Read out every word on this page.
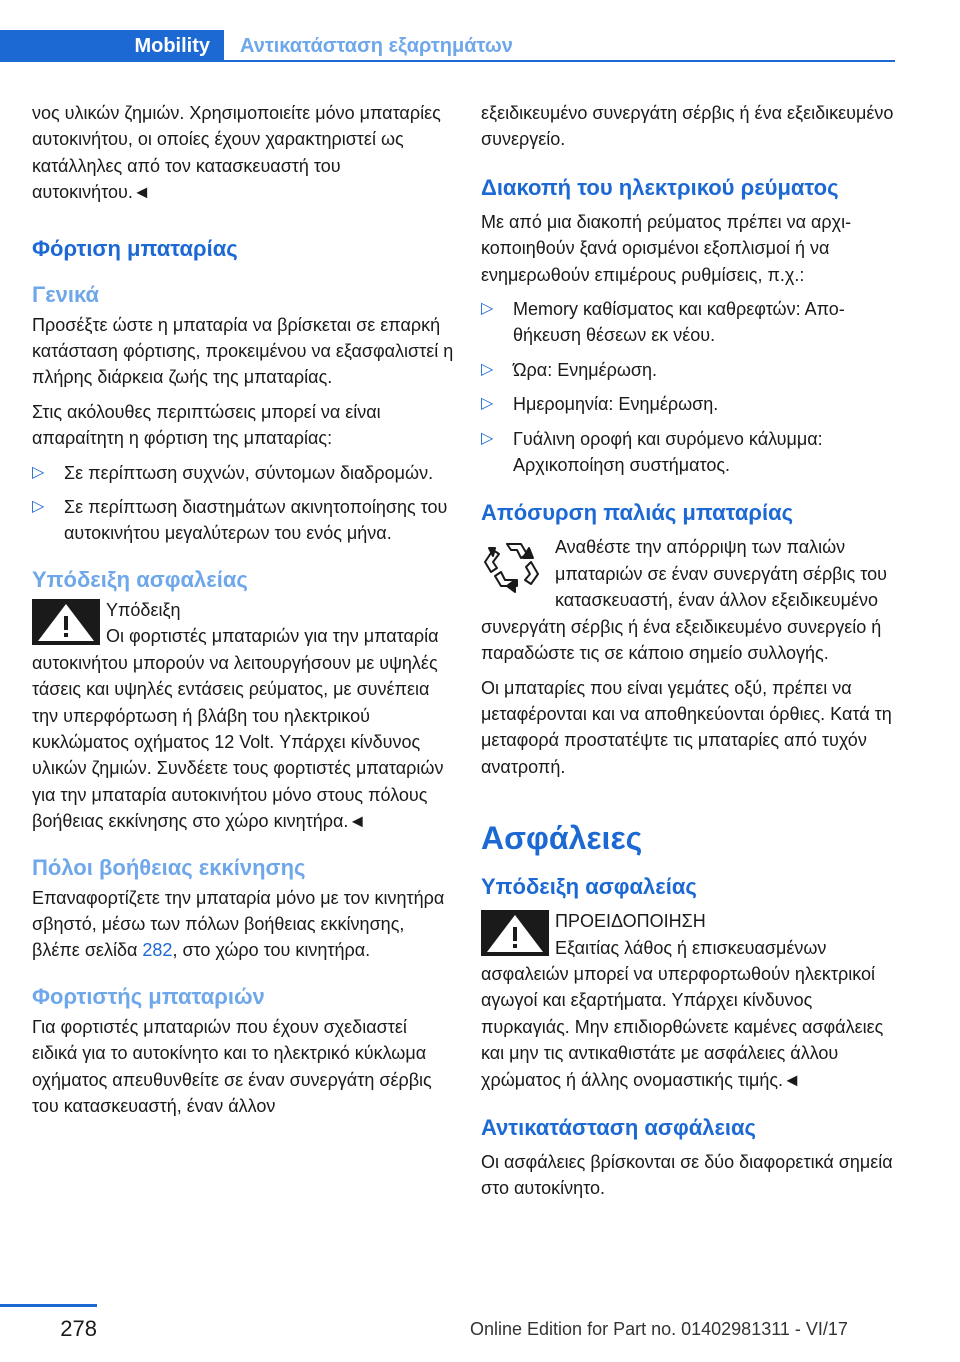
Mobility	Αντικατάσταση εξαρτημάτων

νος υλικών ζημιών. Χρησιμοποιείτε μόνο μπαταρίες αυτοκινήτου, οι οποίες έχουν χαρακτηριστεί ως κατάλληλες από τον κατασκευαστή του αυτοκινήτου.◄

Φόρτιση μπαταρίας
Γενικά

Προσέξτε ώστε η μπαταρία να βρίσκεται σε επαρκή κατάσταση φόρτισης, προκειμένου να εξασφαλιστεί η πλήρης διάρκεια ζωής της μπαταρίας.

Στις ακόλουθες περιπτώσεις μπορεί να είναι απαραίτητη η φόρτιση της μπαταρίας:

▷ Σε περίπτωση συχνών, σύντομων διαδρομών.
▷ Σε περίπτωση διαστημάτων ακινητοποίησης του αυτοκινήτου μεγαλύτερων του ενός μήνα.
Υπόδειξη ασφαλείας
Υπόδειξη

Οι φορτιστές μπαταριών για την μπαταρία αυτοκινήτου μπορούν να λειτουργήσουν με υψηλές τάσεις και υψηλές εντάσεις ρεύματος, με συνέπεια την υπερφόρτωση ή βλάβη του ηλεκτρικού κυκλώματος οχήματος 12 Volt. Υπάρχει κίνδυνος υλικών ζημιών. Συνδέετε τους φορτιστές μπαταριών για την μπαταρία αυτοκινήτου μόνο στους πόλους βοήθειας εκκίνησης στο χώρο κινητήρα.◄

Πόλοι βοήθειας εκκίνησης

Επαναφορτίζετε την μπαταρία μόνο με τον κινητήρα σβηστό, μέσω των πόλων βοήθειας εκκίνησης, βλέπε σελίδα 282, στο χώρο του κινητήρα.

Φορτιστής μπαταριών

Για φορτιστές μπαταριών που έχουν σχεδιαστεί ειδικά για το αυτοκίνητο και το ηλεκτρικό κύκλωμα οχήματος απευθυνθείτε σε έναν συνεργάτη σέρβις του κατασκευαστή, έναν άλλον

εξειδικευμένο συνεργάτη σέρβις ή ένα εξειδικευμένο συνεργείο.

Διακοπή του ηλεκτρικού ρεύματος

Με από μια διακοπή ρεύματος πρέπει να αρχικοποιηθούν ξανά ορισμένοι εξοπλισμοί ή να ενημερωθούν επιμέρους ρυθμίσεις, π.χ.:

▷ Memory καθίσματος και καθρεφτών: Αποθήκευση θέσεων εκ νέου.
▷ Ώρα: Ενημέρωση.
▷ Ημερομηνία: Ενημέρωση.
▷ Γυάλινη οροφή και συρόμενο κάλυμμα: Αρχικοποίηση συστήματος.
Απόσυρση παλιάς μπαταρίας

Αναθέστε την απόρριψη των παλιών μπαταριών σε έναν συνεργάτη σέρβις του κατασκευαστή, έναν άλλον εξειδικευμένο συνεργάτη σέρβις ή ένα εξειδικευμένο συνεργείο ή παραδώστε τις σε κάποιο σημείο συλλογής.

Οι μπαταρίες που είναι γεμάτες οξύ, πρέπει να μεταφέρονται και να αποθηκεύονται όρθιες. Κατά τη μεταφορά προστατέψτε τις μπαταρίες από τυχόν ανατροπή.

Ασφάλειες
Υπόδειξη ασφαλείας
ΠΡΟΕΙΔΟΠΟΙΗΣΗ

Εξαιτίας λάθος ή επισκευασμένων ασφαλειών μπορεί να υπερφορτωθούν ηλεκτρικοί αγωγοί και εξαρτήματα. Υπάρχει κίνδυνος πυρκαγιάς. Μην επιδιορθώνετε καμένες ασφάλειες και μην τις αντικαθιστάτε με ασφάλειες άλλου χρώματος ή άλλης ονομαστικής τιμής.◄

Αντικατάσταση ασφάλειας

Οι ασφάλειες βρίσκονται σε δύο διαφορετικά σημεία στο αυτοκίνητο.

278	Online Edition for Part no. 01402981311 - VI/17
